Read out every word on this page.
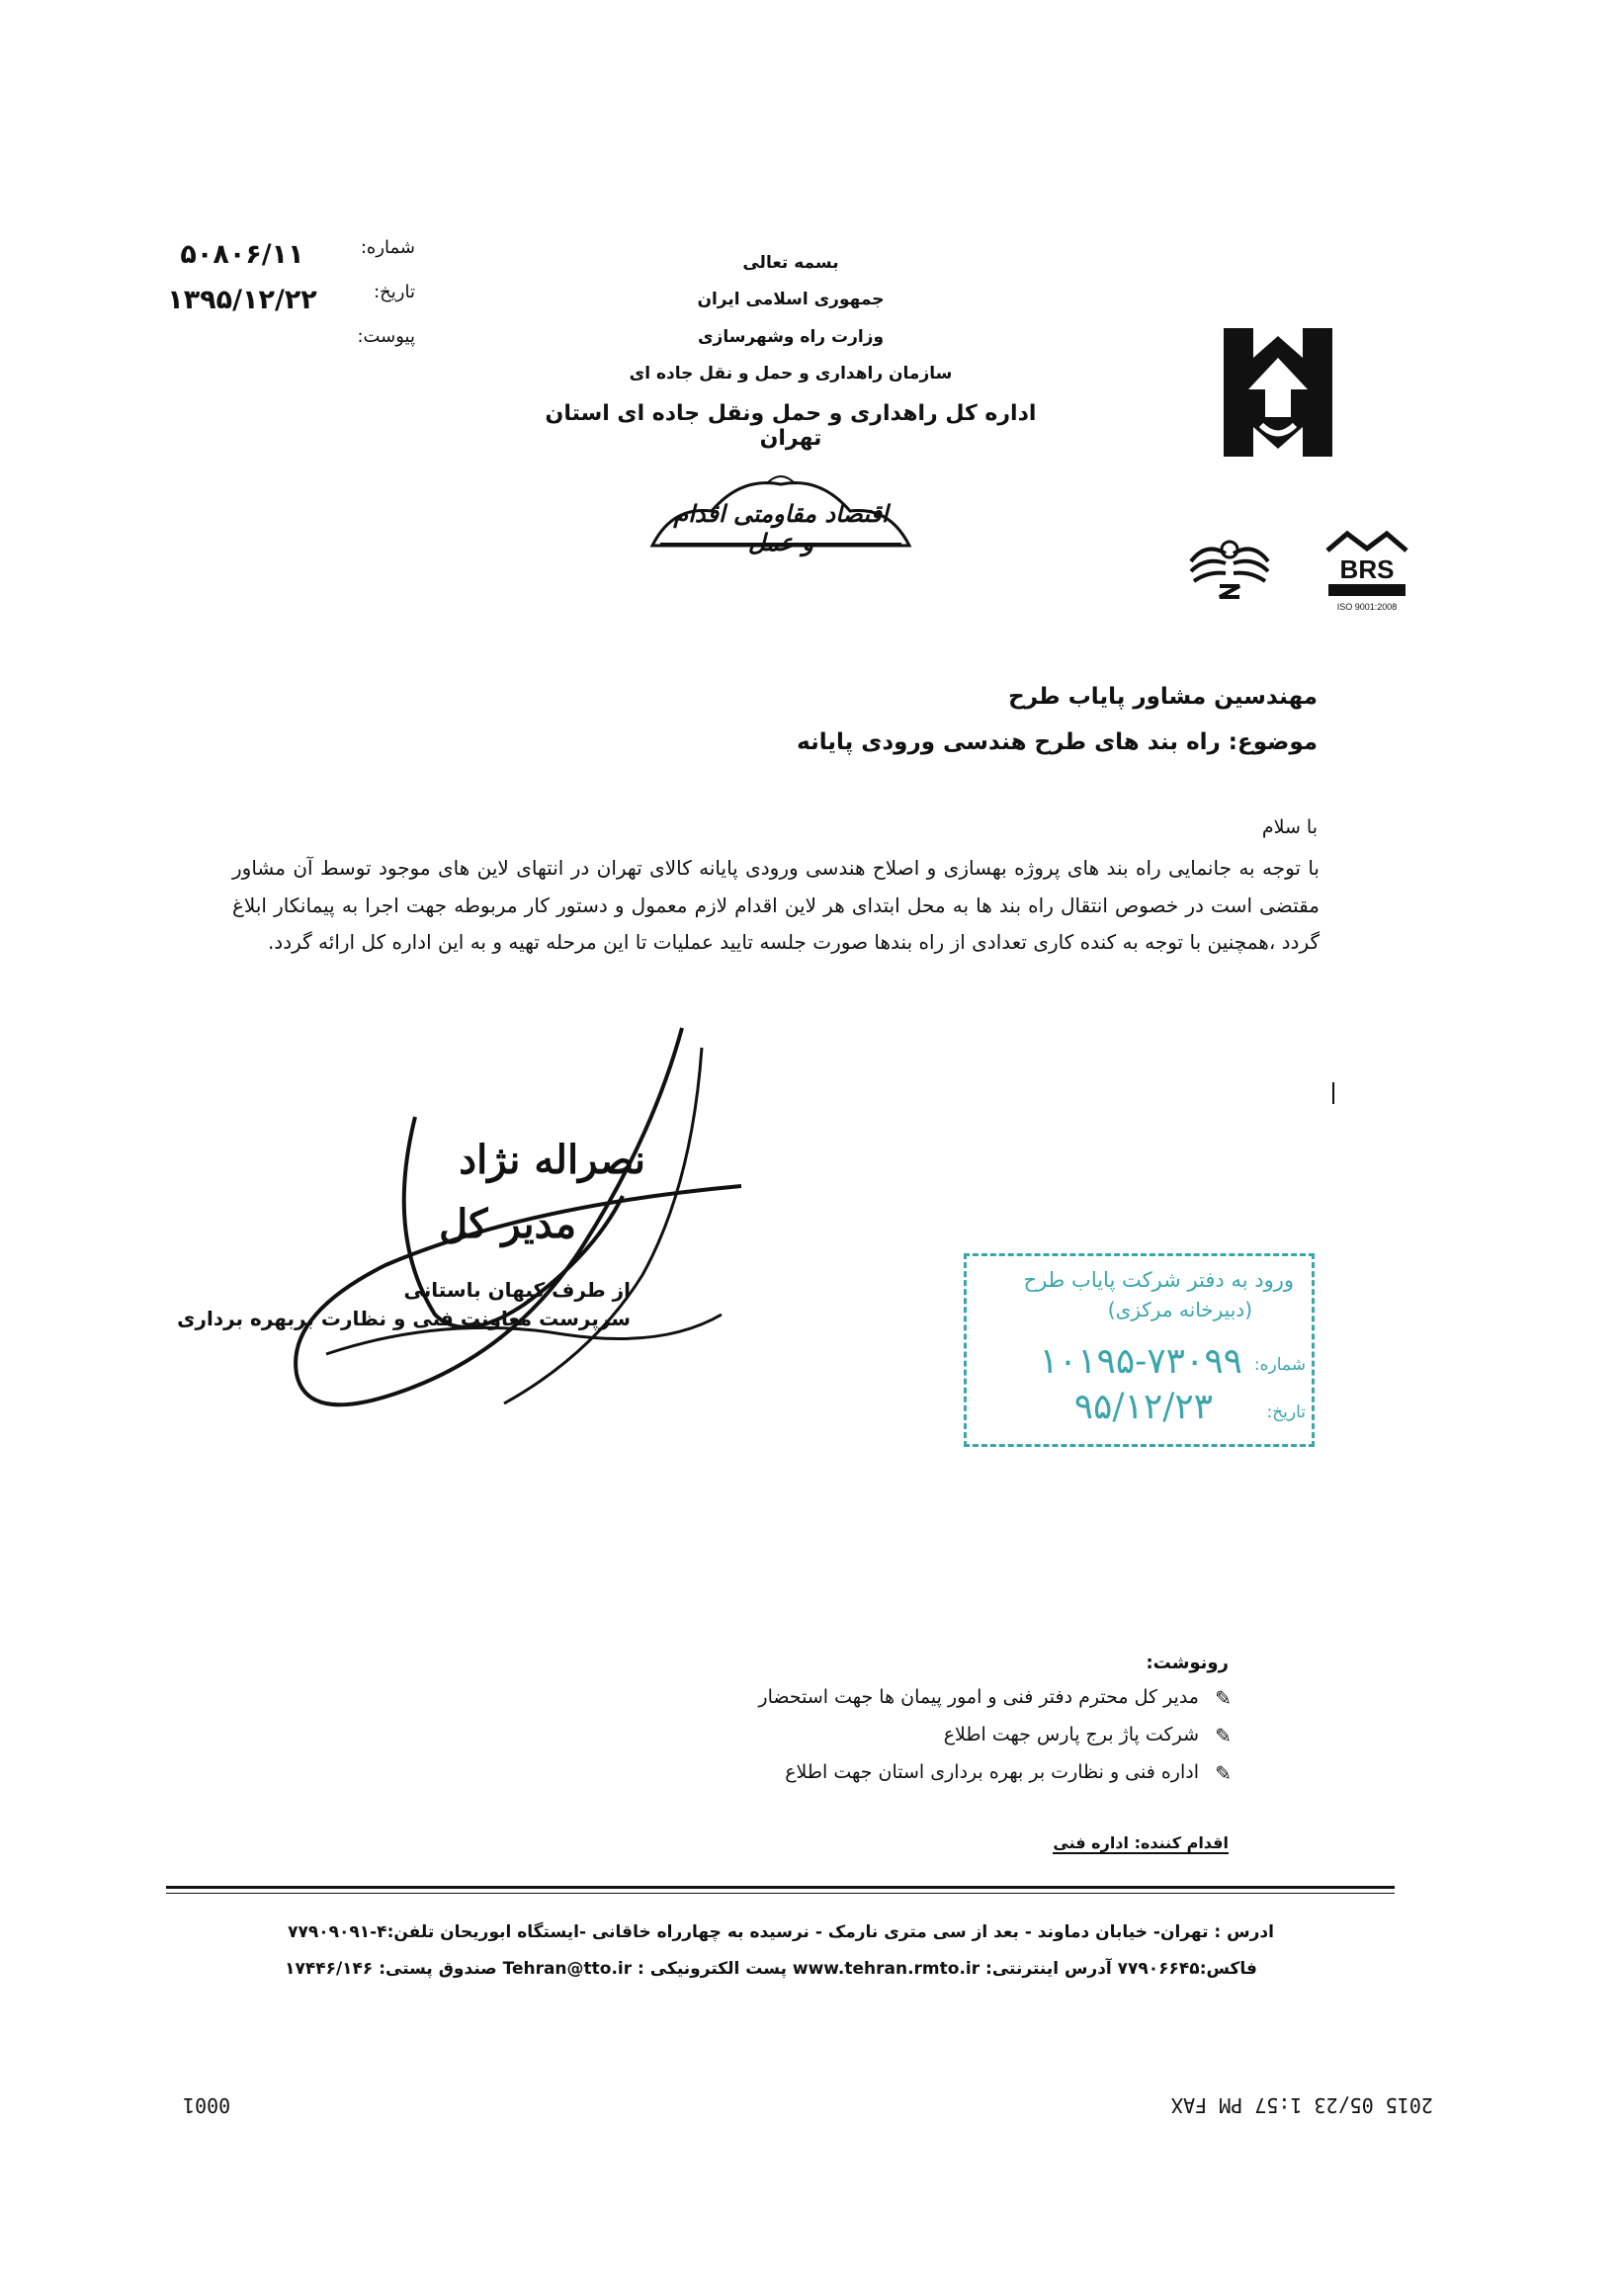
بسمه تعالی
جمهوری اسلامی ایران
وزارت راه وشهرسازی
سازمان راهداری و حمل و نقل جاده ای
اداره کل راهداری و حمل ونقل جاده ای استان تهران
شماره:
۵۰۸۰۶/۱۱
تاریخ:
۱۳۹۵/۱۲/۲۲
پیوست:
اقتصاد مقاومتی اقدام و عمل
BRS
ISO 9001:2008
مهندسین مشاور پایاب طرح
موضوع: راه بند های طرح هندسی ورودی پایانه
با سلام
با توجه به جانمایی راه بند های پروژه بهسازی و اصلاح هندسی ورودی پایانه کالای تهران در انتهای لاین های موجود توسط آن مشاور مقتضی است در خصوص انتقال راه بند ها به محل ابتدای هر لاین اقدام لازم معمول و دستور کار مربوطه جهت اجرا به پیمانکار ابلاغ گردد ،همچنین با توجه به کنده کاری تعدادی از راه بندها صورت جلسه تایید عملیات تا این مرحله تهیه و به این اداره کل ارائه گردد.
نصراله نژاد
مدیر کل
از طرف کیهان باستانی
سرپرست معاونت فنی و نظارت بربهره برداری
ورود به دفتر شرکت پایاب طرح
(دبیرخانه مرکزی)
شماره:
۱۰۱۹۵-۷۳۰۹۹
تاریخ:
۹۵/۱۲/۲۳
رونوشت:
✎
مدیر کل محترم دفتر فنی و امور پیمان ها جهت استحضار
✎
شرکت پاژ برج پارس جهت اطلاع
✎
اداره فنی و نظارت بر بهره برداری استان جهت اطلاع
اقدام کننده: اداره فنی
ادرس : تهران- خیابان دماوند - بعد از سی متری نارمک - نرسیده به چهارراه خاقانی -ایستگاه ابوریحان تلفن:۴-۷۷۹۰۹۰۹۱
فاکس:۷۷۹۰۶۶۴۵ آدرس اینترنتی: www.tehran.rmto.ir پست الکترونیکی : Tehran@tto.ir صندوق پستی: ۱۷۴۴۶/۱۴۶
2015 05/23 1:57 PM FAX
0001
